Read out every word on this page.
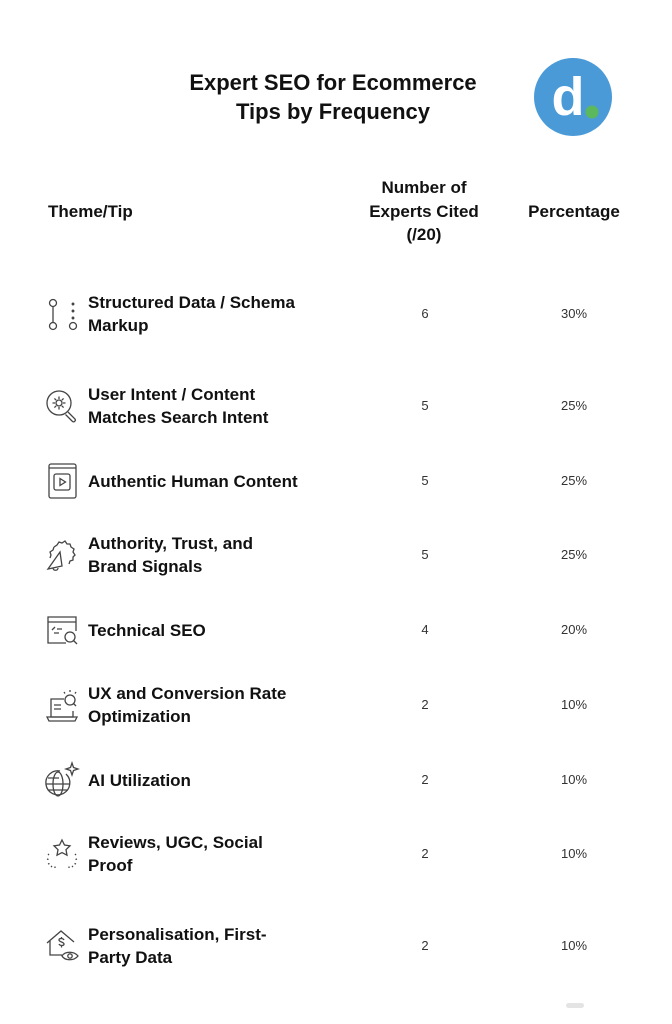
Expert SEO for Ecommerce
Tips by Frequency	d
Theme/Tip
Number of
Experts Cited
(/20)
Percentage
Structured Data / Schema
Markup
6	30%
User Intent / Content
Matches Search Intent
5	25%
Authentic Human Content	5	25%
Authority, Trust, and
Brand Signals
5	25%
Technical SEO	4	20%
UX and Conversion Rate
Optimization
2	10%
AI Utilization	2	10%
Reviews, UGC, Social
Proof
2	10%
Personalisation, First-
Party Data
2	10%
